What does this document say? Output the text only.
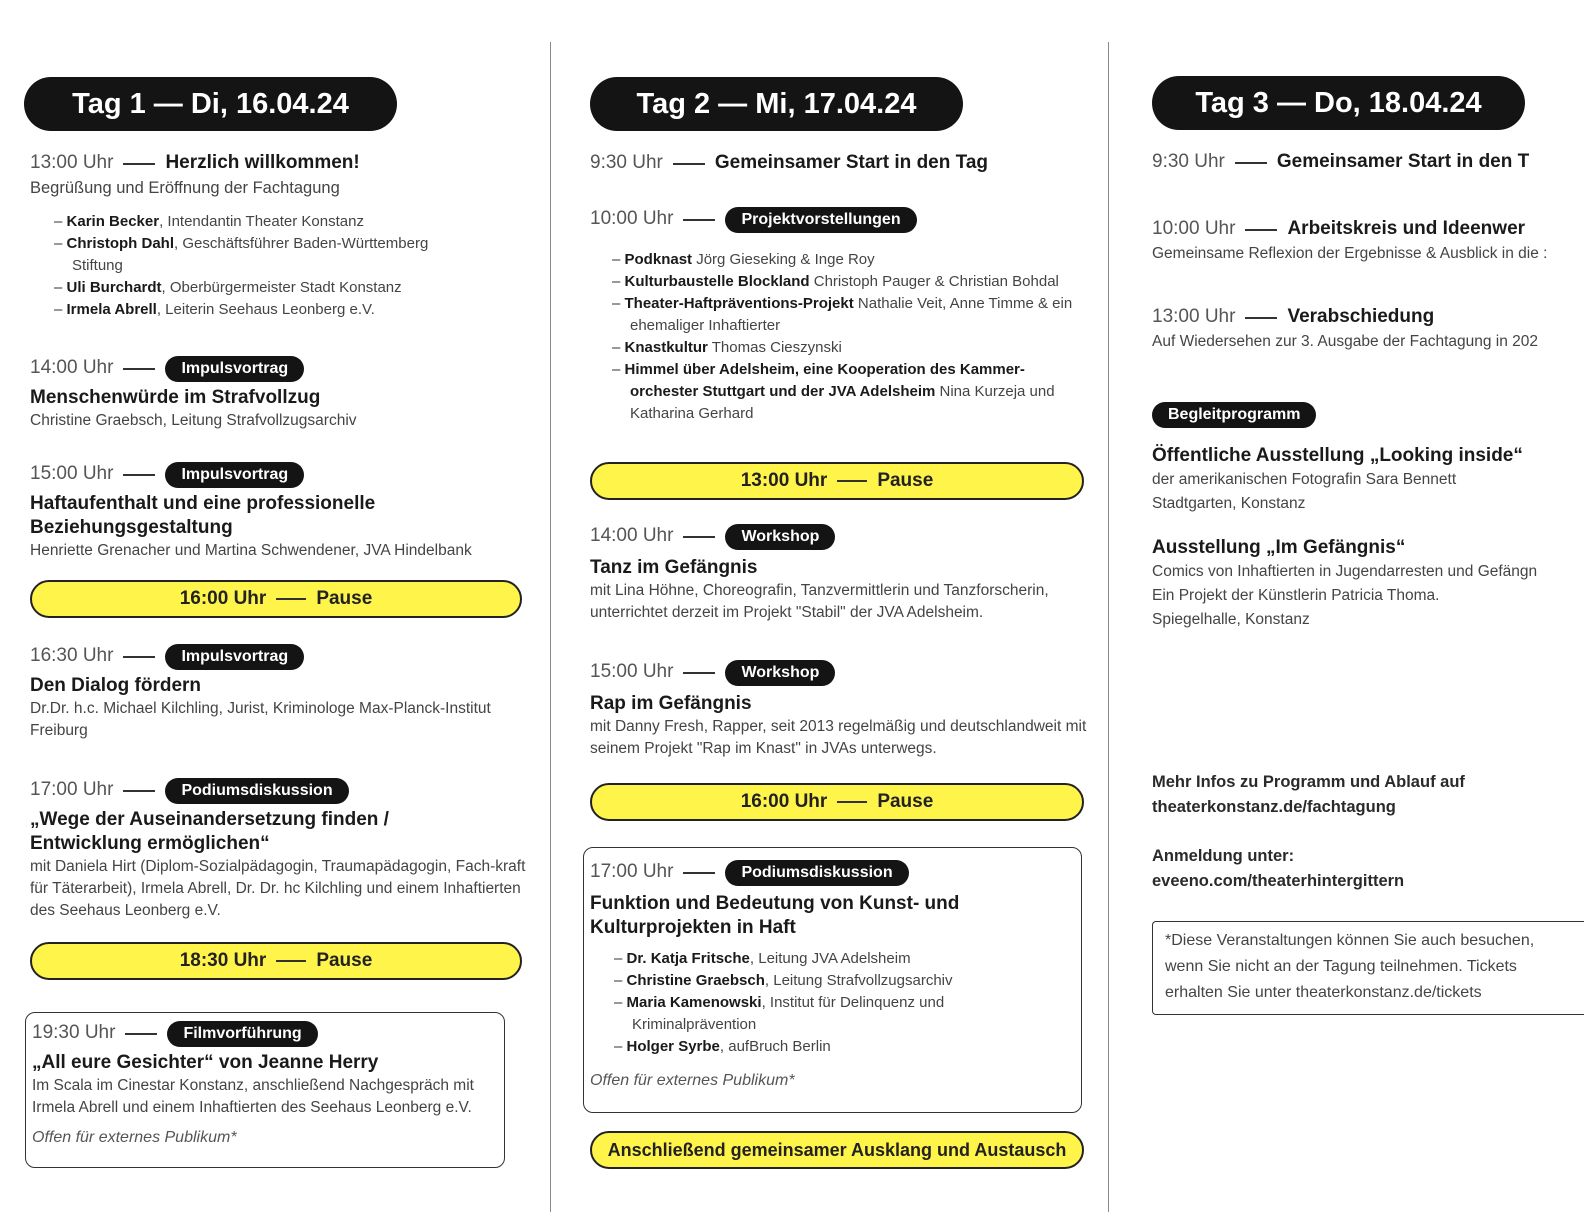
Tag 1 — Di, 16.04.24
13:00 Uhr	Herzlich willkommen!
Begrüßung und Eröffnung der Fachtagung
– Karin Becker, Intendantin Theater Konstanz
– Christoph Dahl, Geschäftsführer Baden-Württemberg Stiftung
– Uli Burchardt, Oberbürgermeister Stadt Konstanz
– Irmela Abrell, Leiterin Seehaus Leonberg e.V.
14:00 Uhr	Impulsvortrag
Menschenwürde im Strafvollzug
Christine Graebsch, Leitung Strafvollzugsarchiv
15:00 Uhr	Impulsvortrag
Haftaufenthalt und eine professionelle Beziehungsgestaltung
Henriette Grenacher und Martina Schwendener, JVA Hindelbank
16:00 Uhr	Pause
16:30 Uhr	Impulsvortrag
Den Dialog fördern
Dr.Dr. h.c. Michael Kilchling, Jurist, Kriminologe Max-Planck-Institut Freiburg
17:00 Uhr	Podiumsdiskussion
„Wege der Auseinandersetzung finden / Entwicklung ermöglichen“
mit Daniela Hirt (Diplom-Sozialpädagogin, Traumapädagogin, Fach-kraft für Täterarbeit), Irmela Abrell, Dr. Dr. hc Kilchling und einem Inhaftierten des Seehaus Leonberg e.V.
18:30 Uhr	Pause
19:30 Uhr	Filmvorführung
„All eure Gesichter“ von Jeanne Herry
Im Scala im Cinestar Konstanz, anschließend Nachgespräch mit Irmela Abrell und einem Inhaftierten des Seehaus Leonberg e.V.
Offen für externes Publikum*
Tag 2 — Mi, 17.04.24
9:30 Uhr	Gemeinsamer Start in den Tag
10:00 Uhr	Projektvorstellungen
– Podknast Jörg Gieseking & Inge Roy
– Kulturbaustelle Blockland Christoph Pauger & Christian Bohdal
– Theater-Haftpräventions-Projekt Nathalie Veit, Anne Timme & ein ehemaliger Inhaftierter
– Knastkultur Thomas Cieszynski
– Himmel über Adelsheim, eine Kooperation des Kammer-orchester Stuttgart und der JVA Adelsheim Nina Kurzeja und Katharina Gerhard
13:00 Uhr	Pause
14:00 Uhr	Workshop
Tanz im Gefängnis
mit Lina Höhne, Choreografin, Tanzvermittlerin und Tanzforscherin, unterrichtet derzeit im Projekt "Stabil" der JVA Adelsheim.
15:00 Uhr	Workshop
Rap im Gefängnis
mit Danny Fresh, Rapper, seit 2013 regelmäßig und deutschlandweit mit seinem Projekt "Rap im Knast" in JVAs unterwegs.
16:00 Uhr	Pause
17:00 Uhr	Podiumsdiskussion
Funktion und Bedeutung von Kunst- und Kulturprojekten in Haft
– Dr. Katja Fritsche, Leitung JVA Adelsheim
– Christine Graebsch, Leitung Strafvollzugsarchiv
– Maria Kamenowski, Institut für Delinquenz und Kriminalprävention
– Holger Syrbe, aufBruch Berlin
Offen für externes Publikum*
Anschließend gemeinsamer Ausklang und Austausch
Tag 3 — Do, 18.04.24
9:30 Uhr	Gemeinsamer Start in den T
10:00 Uhr	Arbeitskreis und Ideenwer
Gemeinsame Reflexion der Ergebnisse & Ausblick in die :
13:00 Uhr	Verabschiedung
Auf Wiedersehen zur 3. Ausgabe der Fachtagung in 202
Begleitprogramm
Öffentliche Ausstellung „Looking inside“
der amerikanischen Fotografin Sara Bennett
Stadtgarten, Konstanz
Ausstellung „Im Gefängnis“
Comics von Inhaftierten in Jugendarresten und Gefängn
Ein Projekt der Künstlerin Patricia Thoma.
Spiegelhalle, Konstanz
Mehr Infos zu Programm und Ablauf auf
theaterkonstanz.de/fachtagung
Anmeldung unter:
eveeno.com/theaterhintergittern
*Diese Veranstaltungen können Sie auch besuchen,
wenn Sie nicht an der Tagung teilnehmen. Tickets
erhalten Sie unter theaterkonstanz.de/tickets
